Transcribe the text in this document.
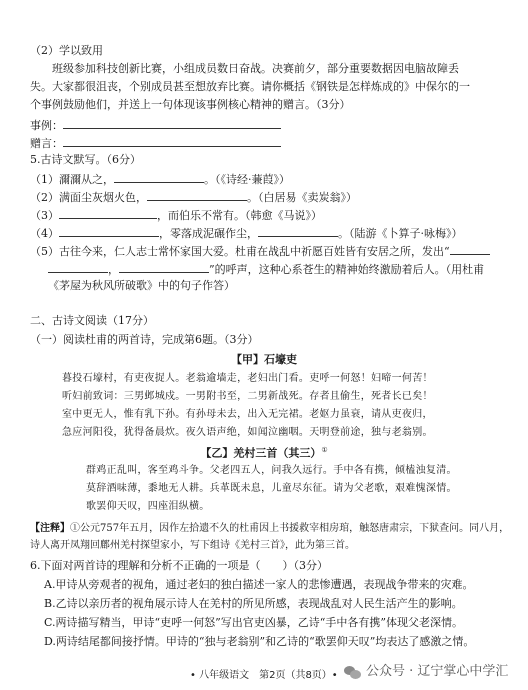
（2）学以致用
班级参加科技创新比赛，小组成员数日奋战。决赛前夕，部分重要数据因电脑故障丢
失。大家都很沮丧，个别成员甚至想放弃比赛。请你概括《钢铁是怎样炼成的》中保尔的一
个事例鼓励他们，并送上一句体现该事例核心精神的赠言。（3分）
事例：
赠言：
5.古诗文默写。（6分）
（1）濔濔从之，	。（《诗经·蒹葭》）
（2）满面尘灰烟火色，	。（白居易《卖炭翁》）
（3）	，而伯乐不常有。（韩愈《马说》）
（4）	，零落成泥碾作尘，	。（陆游《卜算子·咏梅》）
（5）古往今来，仁人志士常怀家国大爱。杜甫在战乱中祈愿百姓皆有安居之所，发出“
，	”的呼声，这种心系苍生的精神始终激励着后人。（用杜甫
《茅屋为秋风所破歌》中的句子作答）
二、古诗文阅读（17分）
（一）阅读杜甫的两首诗，完成第6题。（3分）
【甲】石壕吏
暮投石壕村，有吏夜捉人。老翁逾墙走，老妇出门看。吏呼一何怒！妇啼一何苦！
听妇前致词：三男邺城戍。一男附书至，二男新战死。存者且偷生，死者长已矣！
室中更无人，惟有乳下孙。有孙母未去，出入无完裙。老妪力虽衰，请从吏夜归，
急应河阳役，犹得备晨炊。夜久语声绝，如闻泣幽咽。天明登前途，独与老翁别。
【乙】羌村三首（其三）①
群鸡正乱叫，客至鸡斗争。父老四五人，问我久远行。手中各有携，倾榼浊复清。
莫辞酒味薄，黍地无人耕。兵革既未息，儿童尽东征。请为父老歌，艰难愧深情。
歌罢仰天叹，四座泪纵横。
【注释】①公元757年五月，因作左拾遗不久的杜甫因上书援救宰相房琯，触怒唐肃宗，下狱查问。同八月，
诗人离开凤翔回鄜州羌村探望家小，写下组诗《羌村三首》，此为第三首。
6.下面对两首诗的理解和分析不正确的一项是（　　）（3分）
A.甲诗从旁观者的视角，通过老妇的独白描述一家人的悲惨遭遇，表现战争带来的灾难。
B.乙诗以亲历者的视角展示诗人在羌村的所见所感，表现战乱对人民生活产生的影响。
C.两诗描写精当，甲诗“吏呼一何怒”写出官吏凶暴，乙诗“手中各有携”体现父老深情。
D.两诗结尾都间接抒情。甲诗的“独与老翁别”和乙诗的“歌罢仰天叹”均表达了感激之情。
• 八年级语文　第2页（共8页）•	公众号 · 辽宁掌心中学汇
